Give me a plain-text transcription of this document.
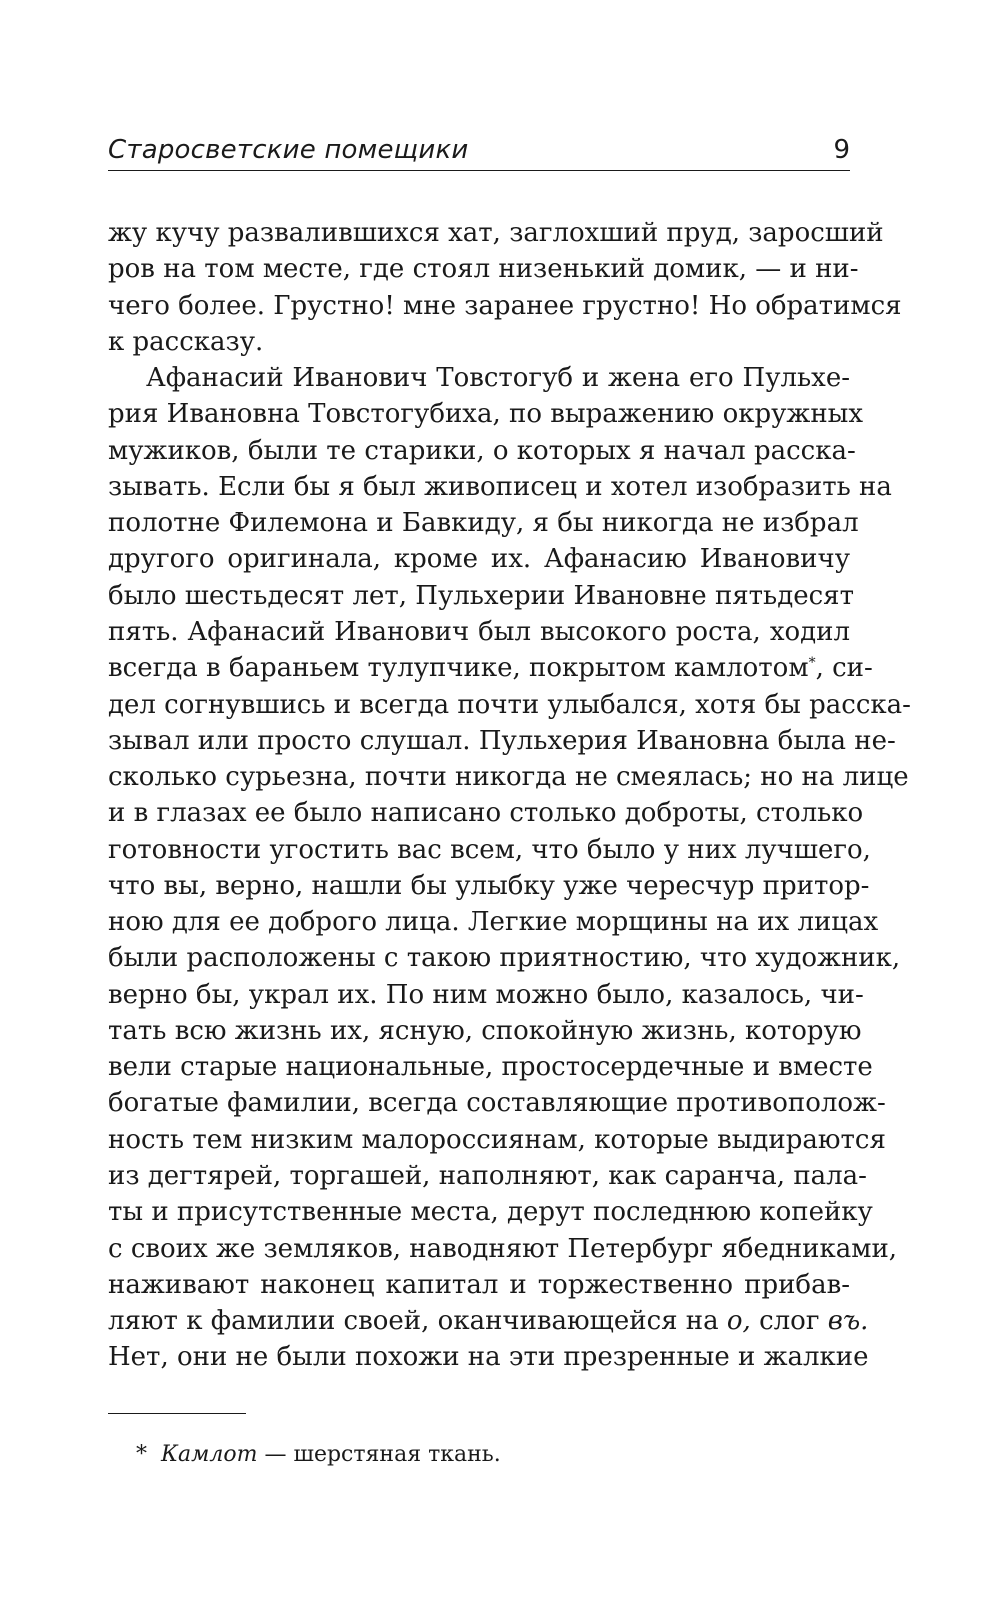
Старосветские помещики	9
жу кучу развалившихся хат, заглохший пруд, заросший
ров на том месте, где стоял низенький домик, — и ни-
чего более. Грустно! мне заранее грустно! Но обратимся
к рассказу.
Афанасий Иванович Товстогуб и жена его Пульхе-
рия Ивановна Товстогубиха, по выражению окружных
мужиков, были те старики, о которых я начал расска-
зывать. Если бы я был живописец и хотел изобразить на
полотне Филемона и Бавкиду, я бы никогда не избрал
другого оригинала, кроме их. Афанасию Ивановичу
было шестьдесят лет, Пульхерии Ивановне пятьдесят
пять. Афанасий Иванович был высокого роста, ходил
всегда в бараньем тулупчике, покрытом камлотом*, си-
дел согнувшись и всегда почти улыбался, хотя бы расска-
зывал или просто слушал. Пульхерия Ивановна была не-
сколько сурьезна, почти никогда не смеялась; но на лице
и в глазах ее было написано столько доброты, столько
готовности угостить вас всем, что было у них лучшего,
что вы, верно, нашли бы улыбку уже чересчур притор-
ною для ее доброго лица. Легкие морщины на их лицах
были расположены с такою приятностию, что художник,
верно бы, украл их. По ним можно было, казалось, чи-
тать всю жизнь их, ясную, спокойную жизнь, которую
вели старые национальные, простосердечные и вместе
богатые фамилии, всегда составляющие противополож-
ность тем низким малороссиянам, которые выдираются
из дегтярей, торгашей, наполняют, как саранча, пала-
ты и присутственные места, дерут последнюю копейку
с своих же земляков, наводняют Петербург ябедниками,
наживают наконец капитал и торжественно прибав-
ляют к фамилии своей, оканчивающейся на о, слог въ.
Нет, они не были похожи на эти презренные и жалкие
* Камлот — шерстяная ткань.
